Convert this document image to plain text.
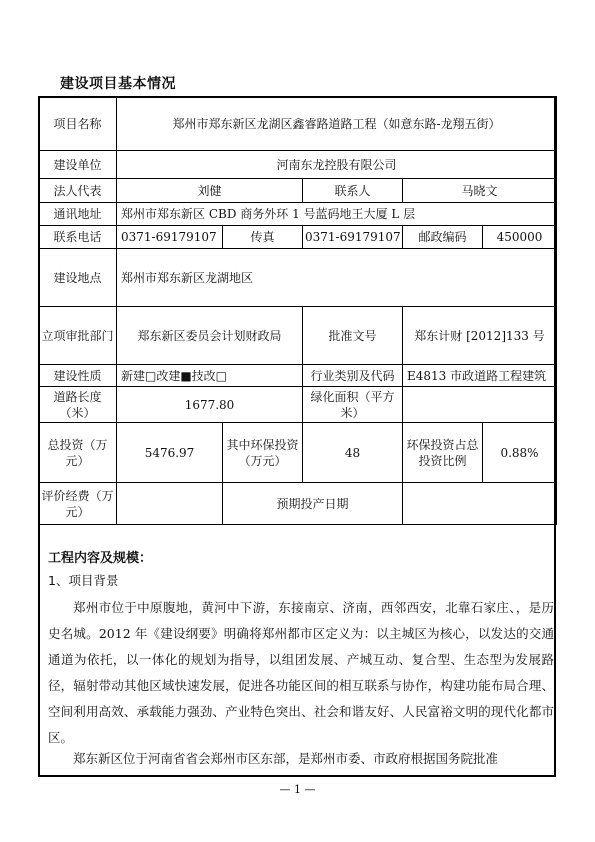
建设项目基本情况
项目名称	郑州市郑东新区龙湖区鑫睿路道路工程（如意东路-龙翔五街）				
建设单位	河南东龙控股有限公司				
法人代表	刘健		联系人	马晓文	
通讯地址	郑州市郑东新区 CBD 商务外环 1 号蓝码地王大厦 L 层				
联系电话	0371-69179107	传真	0371-69179107	邮政编码	450000
建设地点	郑州市郑东新区龙湖地区				
立项审批部门	郑东新区委员会计划财政局		批准文号	郑东计财 [2012]133 号	
建设性质	新建□改建■技改□		行业类别及代码	E4813 市政道路工程建筑	
道路长度（米）	1677.80		绿化面积（平方米）		
总投资（万元）	5476.97	其中环保投资（万元）	48	环保投资占总投资比例	0.88%
评价经费（万元）		预期投产日期			
工程内容及规模：
1、项目背景

郑州市位于中原腹地，黄河中下游，东接南京、济南，西邻西安，北靠石家庄、，是历史名城。2012 年《建设纲要》明确将郑州都市区定义为：以主城区为核心，以发达的交通通道为依托，以一体化的规划为指导，以组团发展、产城互动、复合型、生态型为发展路径，辐射带动其他区域快速发展，促进各功能区间的相互联系与协作，构建功能布局合理、空间利用高效、承载能力强劲、产业特色突出、社会和谐友好、人民富裕文明的现代化都市区。

郑东新区位于河南省省会郑州市区东部，是郑州市委、市政府根据国务院批准

— 1 —
